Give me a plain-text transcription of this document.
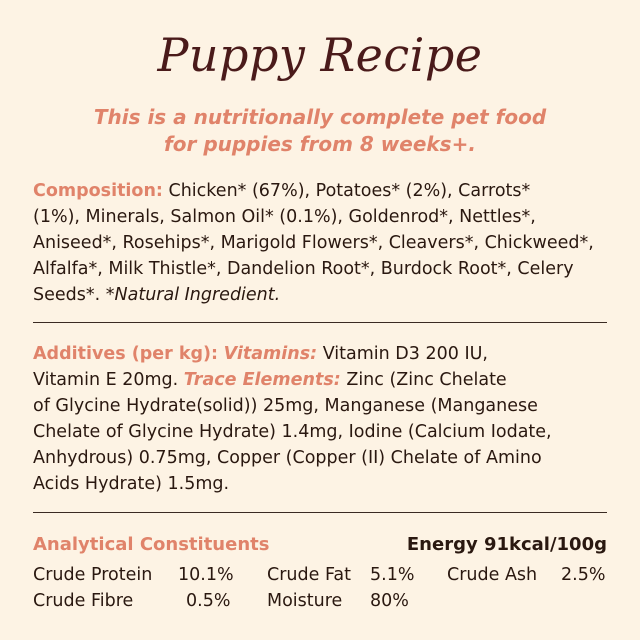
Puppy Recipe
This is a nutritionally complete pet food
for puppies from 8 weeks+.
Composition: Chicken* (67%), Potatoes* (2%), Carrots*
(1%), Minerals, Salmon Oil* (0.1%), Goldenrod*, Nettles*,
Aniseed*, Rosehips*, Marigold Flowers*, Cleavers*, Chickweed*,
Alfalfa*, Milk Thistle*, Dandelion Root*, Burdock Root*, Celery
Seeds*. *Natural Ingredient.
Additives (per kg): Vitamins: Vitamin D3 200 IU,
Vitamin E 20mg. Trace Elements: Zinc (Zinc Chelate
of Glycine Hydrate(solid)) 25mg, Manganese (Manganese
Chelate of Glycine Hydrate) 1.4mg, Iodine (Calcium Iodate,
Anhydrous) 0.75mg, Copper (Copper (II) Chelate of Amino
Acids Hydrate) 1.5mg.
Analytical Constituents	Energy 91kcal/100g
Crude Protein 10.1% Crude Fat 5.1% Crude Ash 2.5%
Crude Fibre	0.5% Moisture 80%
